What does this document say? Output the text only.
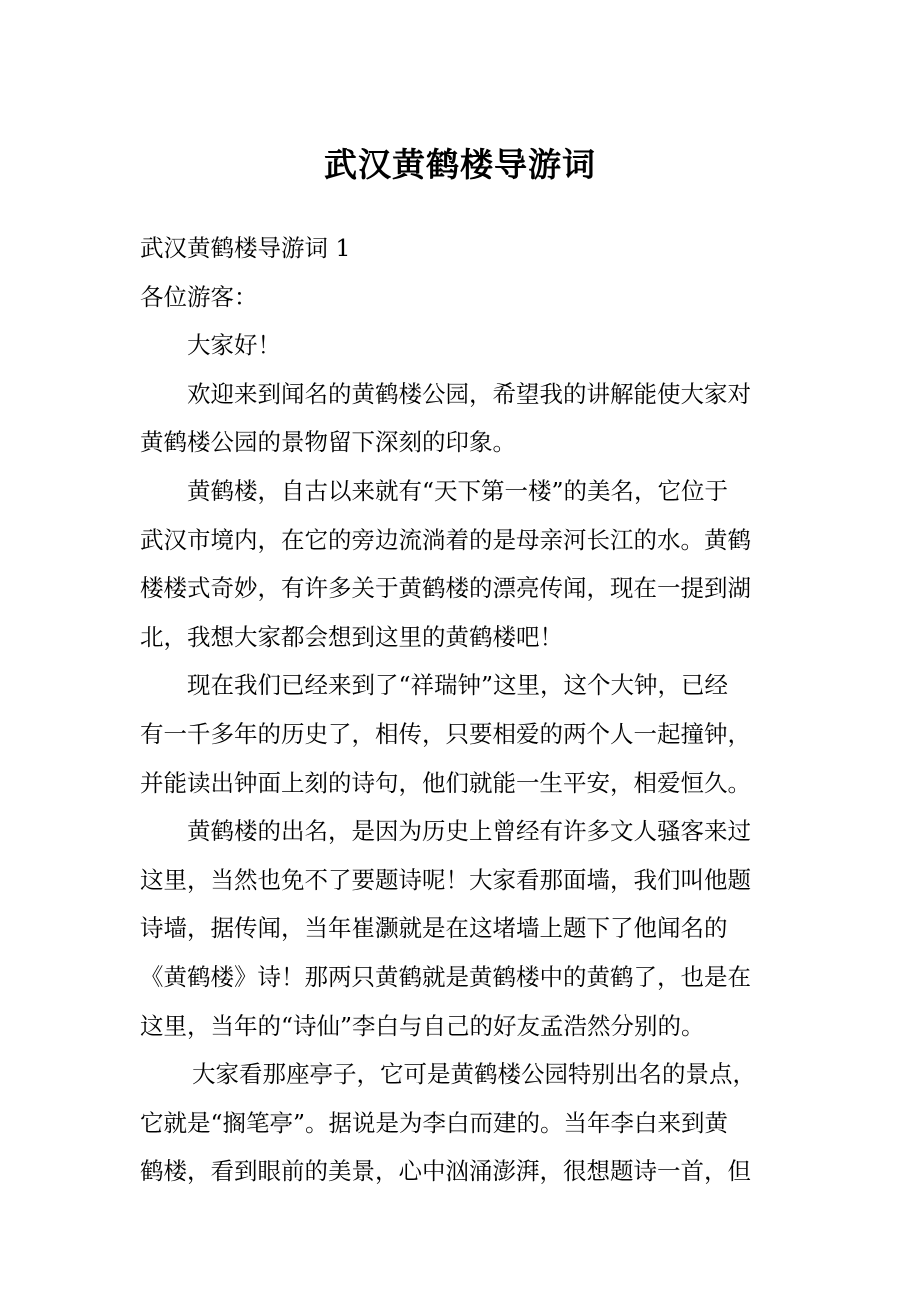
武汉黄鹤楼导游词

武汉黄鹤楼导游词 1

各位游客：

大家好！

欢迎来到闻名的黄鹤楼公园，希望我的讲解能使大家对

黄鹤楼公园的景物留下深刻的印象。

黄鹤楼，自古以来就有“天下第一楼”的美名，它位于

武汉市境内，在它的旁边流淌着的是母亲河长江的水。黄鹤

楼楼式奇妙，有许多关于黄鹤楼的漂亮传闻，现在一提到湖

北，我想大家都会想到这里的黄鹤楼吧！

现在我们已经来到了“祥瑞钟”这里，这个大钟，已经

有一千多年的历史了，相传，只要相爱的两个人一起撞钟，

并能读出钟面上刻的诗句，他们就能一生平安，相爱恒久。

黄鹤楼的出名，是因为历史上曾经有许多文人骚客来过

这里，当然也免不了要题诗呢！大家看那面墙，我们叫他题

诗墙，据传闻，当年崔灏就是在这堵墙上题下了他闻名的

《黄鹤楼》诗！那两只黄鹤就是黄鹤楼中的黄鹤了，也是在

这里，当年的“诗仙”李白与自己的好友孟浩然分别的。

大家看那座亭子，它可是黄鹤楼公园特别出名的景点，

它就是“搁笔亭”。据说是为李白而建的。当年李白来到黄

鹤楼，看到眼前的美景，心中汹涌澎湃，很想题诗一首，但
